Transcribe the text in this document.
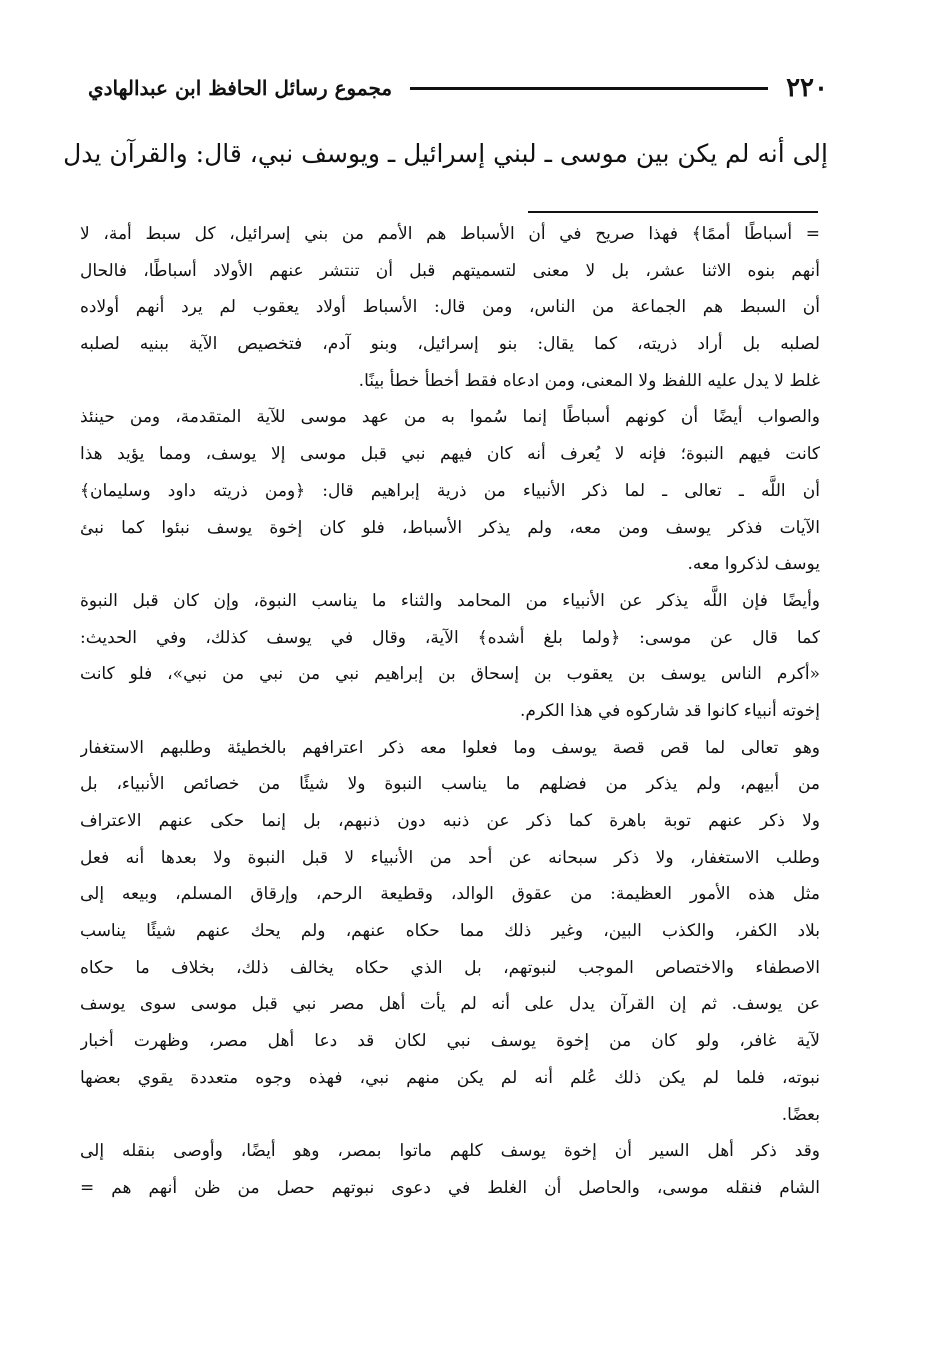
٢٢٠
مجموع رسائل الحافظ ابن عبدالهادي
إلى أنه لم يكن بين موسى ـ لبني إسرائيل ـ ويوسف نبي، قال: والقرآن يدل
= أسباطًا أممًا﴾ فهذا صريح في أن الأسباط هم الأمم من بني إسرائيل، كل سبط أمة، لا
أنهم بنوه الاثنا عشر، بل لا معنى لتسميتهم قبل أن تنتشر عنهم الأولاد أسباطًا، فالحال
أن السبط هم الجماعة من الناس، ومن قال: الأسباط أولاد يعقوب لم يرد أنهم أولاده
لصلبه بل أراد ذريته، كما يقال: بنو إسرائيل، وبنو آدم، فتخصيص الآية ببنيه لصلبه
غلط لا يدل عليه اللفظ ولا المعنى، ومن ادعاه فقط أخطأ خطأ بينًا.
والصواب أيضًا أن كونهم أسباطًا إنما سُموا به من عهد موسى للآية المتقدمة، ومن حينئذ
كانت فيهم النبوة؛ فإنه لا يُعرف أنه كان فيهم نبي قبل موسى إلا يوسف، ومما يؤيد هذا
أن اللَّه ـ تعالى ـ لما ذكر الأنبياء من ذرية إبراهيم قال: ﴿ومن ذريته داود وسليمان﴾
الآيات فذكر يوسف ومن معه، ولم يذكر الأسباط، فلو كان إخوة يوسف نبئوا كما نبئ
يوسف لذكروا معه.
وأيضًا فإن اللَّه يذكر عن الأنبياء من المحامد والثناء ما يناسب النبوة، وإن كان قبل النبوة
كما قال عن موسى: ﴿ولما بلغ أشده﴾ الآية، وقال في يوسف كذلك، وفي الحديث:
«أكرم الناس يوسف بن يعقوب بن إسحاق بن إبراهيم نبي من نبي من نبي»، فلو كانت
إخوته أنبياء كانوا قد شاركوه في هذا الكرم.
وهو تعالى لما قص قصة يوسف وما فعلوا معه ذكر اعترافهم بالخطيئة وطلبهم الاستغفار
من أبيهم، ولم يذكر من فضلهم ما يناسب النبوة ولا شيئًا من خصائص الأنبياء، بل
ولا ذكر عنهم توبة باهرة كما ذكر عن ذنبه دون ذنبهم، بل إنما حكى عنهم الاعتراف
وطلب الاستغفار، ولا ذكر سبحانه عن أحد من الأنبياء لا قبل النبوة ولا بعدها أنه فعل
مثل هذه الأمور العظيمة: من عقوق الوالد، وقطيعة الرحم، وإرقاق المسلم، وبيعه إلى
بلاد الكفر، والكذب البين، وغير ذلك مما حكاه عنهم، ولم يحك عنهم شيئًا يناسب
الاصطفاء والاختصاص الموجب لنبوتهم، بل الذي حكاه يخالف ذلك، بخلاف ما حكاه
عن يوسف. ثم إن القرآن يدل على أنه لم يأت أهل مصر نبي قبل موسى سوى يوسف
لآية غافر، ولو كان من إخوة يوسف نبي لكان قد دعا أهل مصر، وظهرت أخبار
نبوته، فلما لم يكن ذلك عُلم أنه لم يكن منهم نبي، فهذه وجوه متعددة يقوي بعضها
بعضًا.
وقد ذكر أهل السير أن إخوة يوسف كلهم ماتوا بمصر، وهو أيضًا، وأوصى بنقله إلى
الشام فنقله موسى، والحاصل أن الغلط في دعوى نبوتهم حصل من ظن أنهم هم =
